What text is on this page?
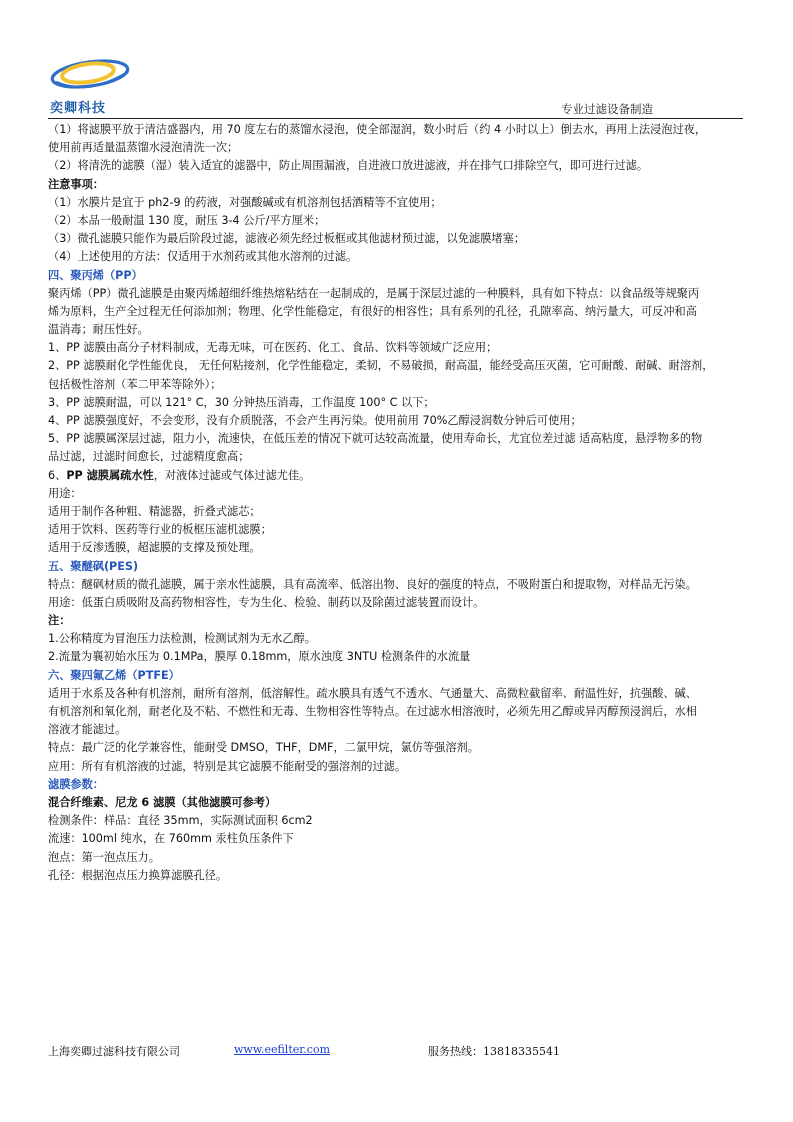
奕卿科技	专业过滤设备制造
（1）将滤膜平放于清洁盛器内，用 70 度左右的蒸馏水浸泡，使全部湿润，数小时后（约 4 小时以上）倒去水，再用上法浸泡过夜，
使用前再适量温蒸馏水浸泡清洗一次；
（2）将清洗的滤膜（湿）装入适宜的滤器中，防止周围漏液，自进液口放进滤液，并在排气口排除空气，即可进行过滤。
注意事项：
（1）水膜片是宜于 ph2-9 的药液，对强酸碱或有机溶剂包括酒精等不宜使用；
（2）本品一般耐温 130 度，耐压 3-4 公斤/平方厘米；
（3）微孔滤膜只能作为最后阶段过滤，滤液必须先经过板框或其他滤材预过滤，以免滤膜堵塞；
（4）上述使用的方法：仅适用于水剂药或其他水溶剂的过滤。
四、聚丙烯（PP）
聚丙烯（PP）微孔滤膜是由聚丙烯超细纤维热熔粘结在一起制成的，是属于深层过滤的一种膜料，具有如下特点：以食品级等规聚丙
烯为原料，生产全过程无任何添加剂；物理、化学性能稳定，有很好的相容性；具有系列的孔径，孔隙率高、纳污量大，可反冲和高
温消毒；耐压性好。
1、PP 滤膜由高分子材料制成，无毒无味，可在医药、化工、食品、饮料等领域广泛应用；
2、PP 滤膜耐化学性能优良， 无任何粘接剂，化学性能稳定，柔韧，不易破损，耐高温，能经受高压灭菌，它可耐酸、耐碱、耐溶剂，
包括极性溶剂（苯二甲苯等除外）；
3、PP 滤膜耐温，可以 121° C，30 分钟热压消毒，工作温度 100° C 以下；
4、PP 滤膜强度好，不会变形，没有介质脱落，不会产生再污染。使用前用 70%乙醇浸润数分钟后可使用；
5、PP 滤膜属深层过滤，阻力小，流速快，在低压差的情况下就可达较高流量，使用寿命长，尤宜位差过滤 适高粘度，悬浮物多的物
品过滤，过滤时间愈长，过滤精度愈高；
6、PP 滤膜属疏水性，对液体过滤或气体过滤尤佳。
用途：
适用于制作各种粗、精滤器，折叠式滤芯；
适用于饮料、医药等行业的板框压滤机滤膜；
适用于反渗透膜，超滤膜的支撑及预处理。
五、聚醚砜(PES)
特点：醚砜材质的微孔滤膜，属于亲水性滤膜，具有高流率、低溶出物、良好的强度的特点，不吸附蛋白和提取物，对样品无污染。
用途：低蛋白质吸附及高药物相容性，专为生化、检验、制药以及除菌过滤装置而设计。
注：
1.公称精度为冒泡压力法检测，检测试剂为无水乙醇。
2.流量为襄初始水压为 0.1MPa，膜厚 0.18mm，原水浊度 3NTU 检测条件的水流量
六、聚四氟乙烯（PTFE）
适用于水系及各种有机溶剂，耐所有溶剂，低溶解性。疏水膜具有透气不透水、气通量大、高微粒截留率、耐温性好，抗强酸、碱、
有机溶剂和氧化剂，耐老化及不粘、不燃性和无毒、生物相容性等特点。在过滤水相溶液时，必须先用乙醇或异丙醇预浸润后，水相
溶液才能滤过。
特点：最广泛的化学兼容性，能耐受 DMSO，THF，DMF，二氯甲烷，氯仿等强溶剂。
应用：所有有机溶液的过滤，特别是其它滤膜不能耐受的强溶剂的过滤。
滤膜参数：
混合纤维素、尼龙 6 滤膜（其他滤膜可参考）
检测条件：样品：直径 35mm，实际测试面积 6cm2
流速：100ml 纯水，在 760mm 汞柱负压条件下
泡点：第一泡点压力。
孔径：根据泡点压力换算滤膜孔径。
上海奕卿过滤科技有限公司	www.eefilter.com	服务热线：13818335541
